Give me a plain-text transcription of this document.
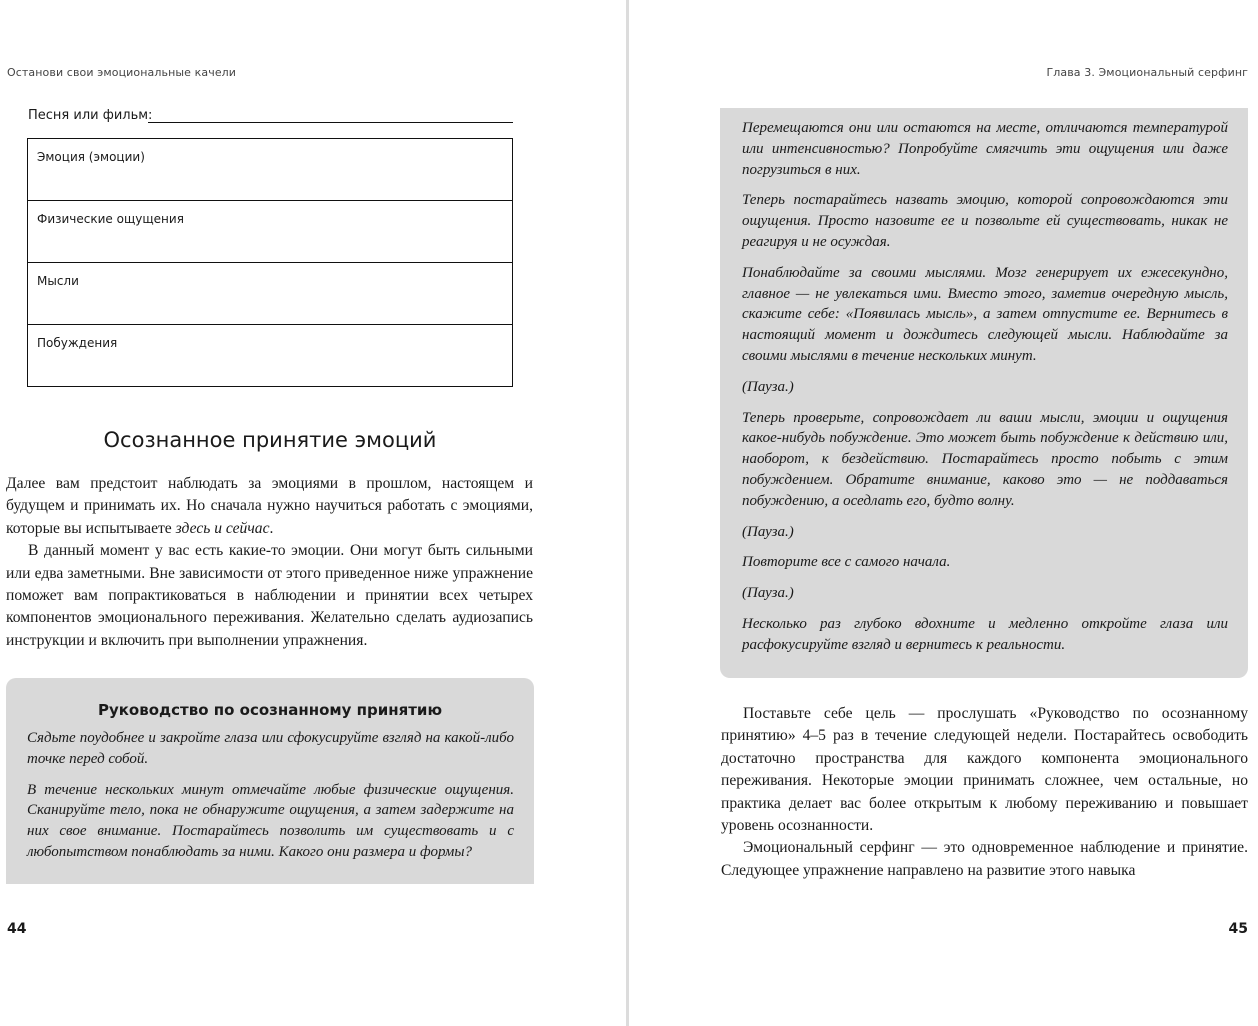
Останови свои эмоциональные качели
Песня или фильм:
Эмоция (эмоции)
Физические ощущения
Мысли
Побуждения
Осознанное принятие эмоций

Далее вам предстоит наблюдать за эмоциями в прошлом, настоящем и будущем и принимать их. Но сначала нужно научиться работать с эмоциями, которые вы испытываете здесь и сейчас.

В данный момент у вас есть какие-то эмоции. Они могут быть сильными или едва заметными. Вне зависимости от этого приведенное ниже упражнение поможет вам попрактиковаться в наблюдении и принятии всех четырех компонентов эмоционального переживания. Желательно сделать аудиозапись инструкции и включить при выполнении упражнения.

Руководство по осознанному принятию

Сядьте поудобнее и закройте глаза или сфокусируйте взгляд на какой-либо точке перед собой.

В течение нескольких минут отмечайте любые физические ощущения. Сканируйте тело, пока не обнаружите ощущения, а затем задержите на них свое внимание. Постарайтесь позволить им существовать и с любопытством понаблюдать за ними. Какого они размера и формы?

44
Глава 3. Эмоциональный серфинг

Перемещаются они или остаются на месте, отличаются температурой или интенсивностью? Попробуйте смягчить эти ощущения или даже погрузиться в них.

Теперь постарайтесь назвать эмоцию, которой сопровождаются эти ощущения. Просто назовите ее и позвольте ей существовать, никак не реагируя и не осуждая.

Понаблюдайте за своими мыслями. Мозг генерирует их ежесекундно, главное — не увлекаться ими. Вместо этого, заметив очередную мысль, скажите себе: «Появилась мысль», а затем отпустите ее. Вернитесь в настоящий момент и дождитесь следующей мысли. Наблюдайте за своими мыслями в течение нескольких минут.

(Пауза.)

Теперь проверьте, сопровождает ли ваши мысли, эмоции и ощущения какое-нибудь побуждение. Это может быть побуждение к действию или, наоборот, к бездействию. Постарайтесь просто побыть с этим побуждением. Обратите внимание, каково это — не поддаваться побуждению, а оседлать его, будто волну.

(Пауза.)

Повторите все с самого начала.

(Пауза.)

Несколько раз глубоко вдохните и медленно откройте глаза или расфокусируйте взгляд и вернитесь к реальности.

Поставьте себе цель — прослушать «Руководство по осознанному принятию» 4–5 раз в течение следующей недели. Постарайтесь освободить достаточно пространства для каждого компонента эмоционального переживания. Некоторые эмоции принимать сложнее, чем остальные, но практика делает вас более открытым к любому переживанию и повышает уровень осознанности.

Эмоциональный серфинг — это одновременное наблюдение и принятие. Следующее упражнение направлено на развитие этого навыка

45
